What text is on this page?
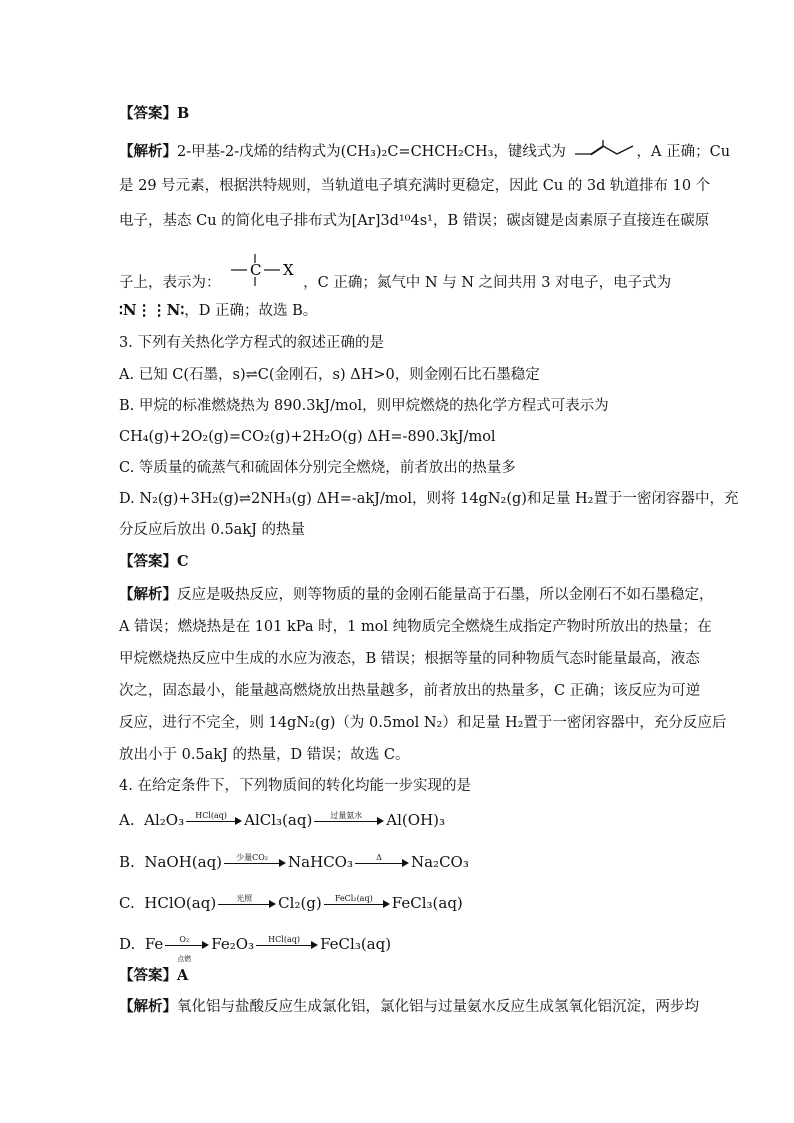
【答案】B
【解析】2-甲基-2-戊烯的结构式为(CH₃)₂C=CHCH₂CH₃，键线式为	，A 正确；Cu
是 29 号元素，根据洪特规则，当轨道电子填充满时更稳定，因此 Cu 的 3d 轨道排布 10 个
电子，基态 Cu 的简化电子排布式为[Ar]3d¹⁰4s¹，B 错误；碳卤键是卤素原子直接连在碳原
子上，表示为：
C X
，C 正确；氮气中 N 与 N 之间共用 3 对电子，电子式为
∶N⋮⋮N∶，D 正确；故选 B。
3. 下列有关热化学方程式的叙述正确的是
A. 已知 C(石墨，s)⇌C(金刚石，s) ΔH>0，则金刚石比石墨稳定
B. 甲烷的标准燃烧热为 890.3kJ/mol，则甲烷燃烧的热化学方程式可表示为
CH₄(g)+2O₂(g)=CO₂(g)+2H₂O(g) ΔH=-890.3kJ/mol
C. 等质量的硫蒸气和硫固体分别完全燃烧，前者放出的热量多
D. N₂(g)+3H₂(g)⇌2NH₃(g) ΔH=-akJ/mol，则将 14gN₂(g)和足量 H₂置于一密闭容器中，充
分反应后放出 0.5akJ 的热量
【答案】C
【解析】反应是吸热反应，则等物质的量的金刚石能量高于石墨，所以金刚石不如石墨稳定，
A 错误；燃烧热是在 101 kPa 时，1 mol 纯物质完全燃烧生成指定产物时所放出的热量；在
甲烷燃烧热反应中生成的水应为液态，B 错误；根据等量的同种物质气态时能量最高，液态
次之，固态最小，能量越高燃烧放出热量越多，前者放出的热量多，C 正确；该反应为可逆
反应，进行不完全，则 14gN₂(g)（为 0.5mol N₂）和足量 H₂置于一密闭容器中，充分反应后
放出小于 0.5akJ 的热量，D 错误；故选 C。
4. 在给定条件下，下列物质间的转化均能一步实现的是
A. Al₂O₃	HCl(aq)	AlCl₃(aq)	过量氨水	Al(OH)₃
B. NaOH(aq)	少量CO₂	NaHCO₃	Δ	Na₂CO₃
C. HClO(aq)	光照	Cl₂(g)	FeCl₂(aq)	FeCl₃(aq)
D. Fe	O₂
点燃
Fe₂O₃	HCl(aq)	FeCl₃(aq)
【答案】A
【解析】氧化铝与盐酸反应生成氯化铝，氯化铝与过量氨水反应生成氢氧化铝沉淀，两步均
